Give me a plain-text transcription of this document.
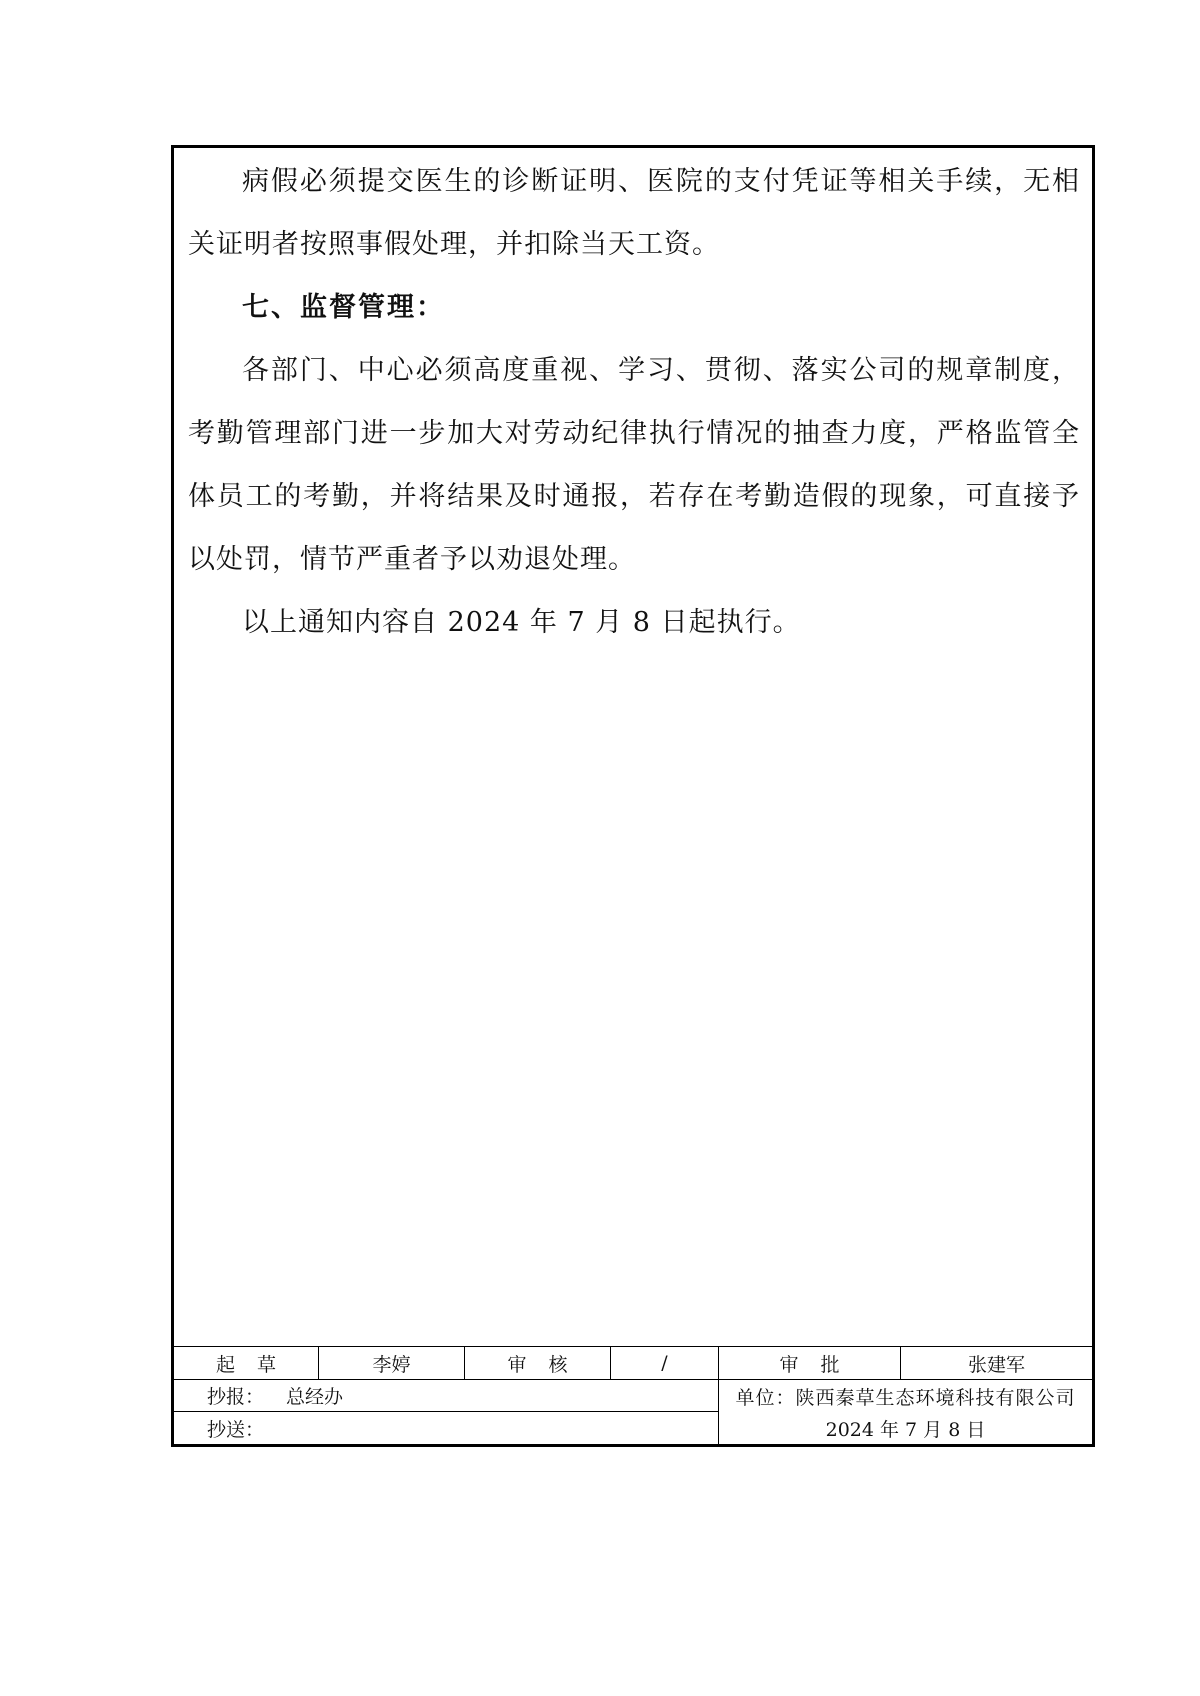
病假必须提交医生的诊断证明、医院的支付凭证等相关手续，无相关证明者按照事假处理，并扣除当天工资。

七、监督管理：

各部门、中心必须高度重视、学习、贯彻、落实公司的规章制度，考勤管理部门进一步加大对劳动纪律执行情况的抽查力度，严格监管全体员工的考勤，并将结果及时通报，若存在考勤造假的现象，可直接予以处罚，情节严重者予以劝退处理。

以上通知内容自 2024 年 7 月 8 日起执行。

起草	李婷	审核	/	审批	张建军
抄报： 总经办
抄送：
单位： 陕西秦草生态环境科技有限公司
2024 年 7 月 8 日
